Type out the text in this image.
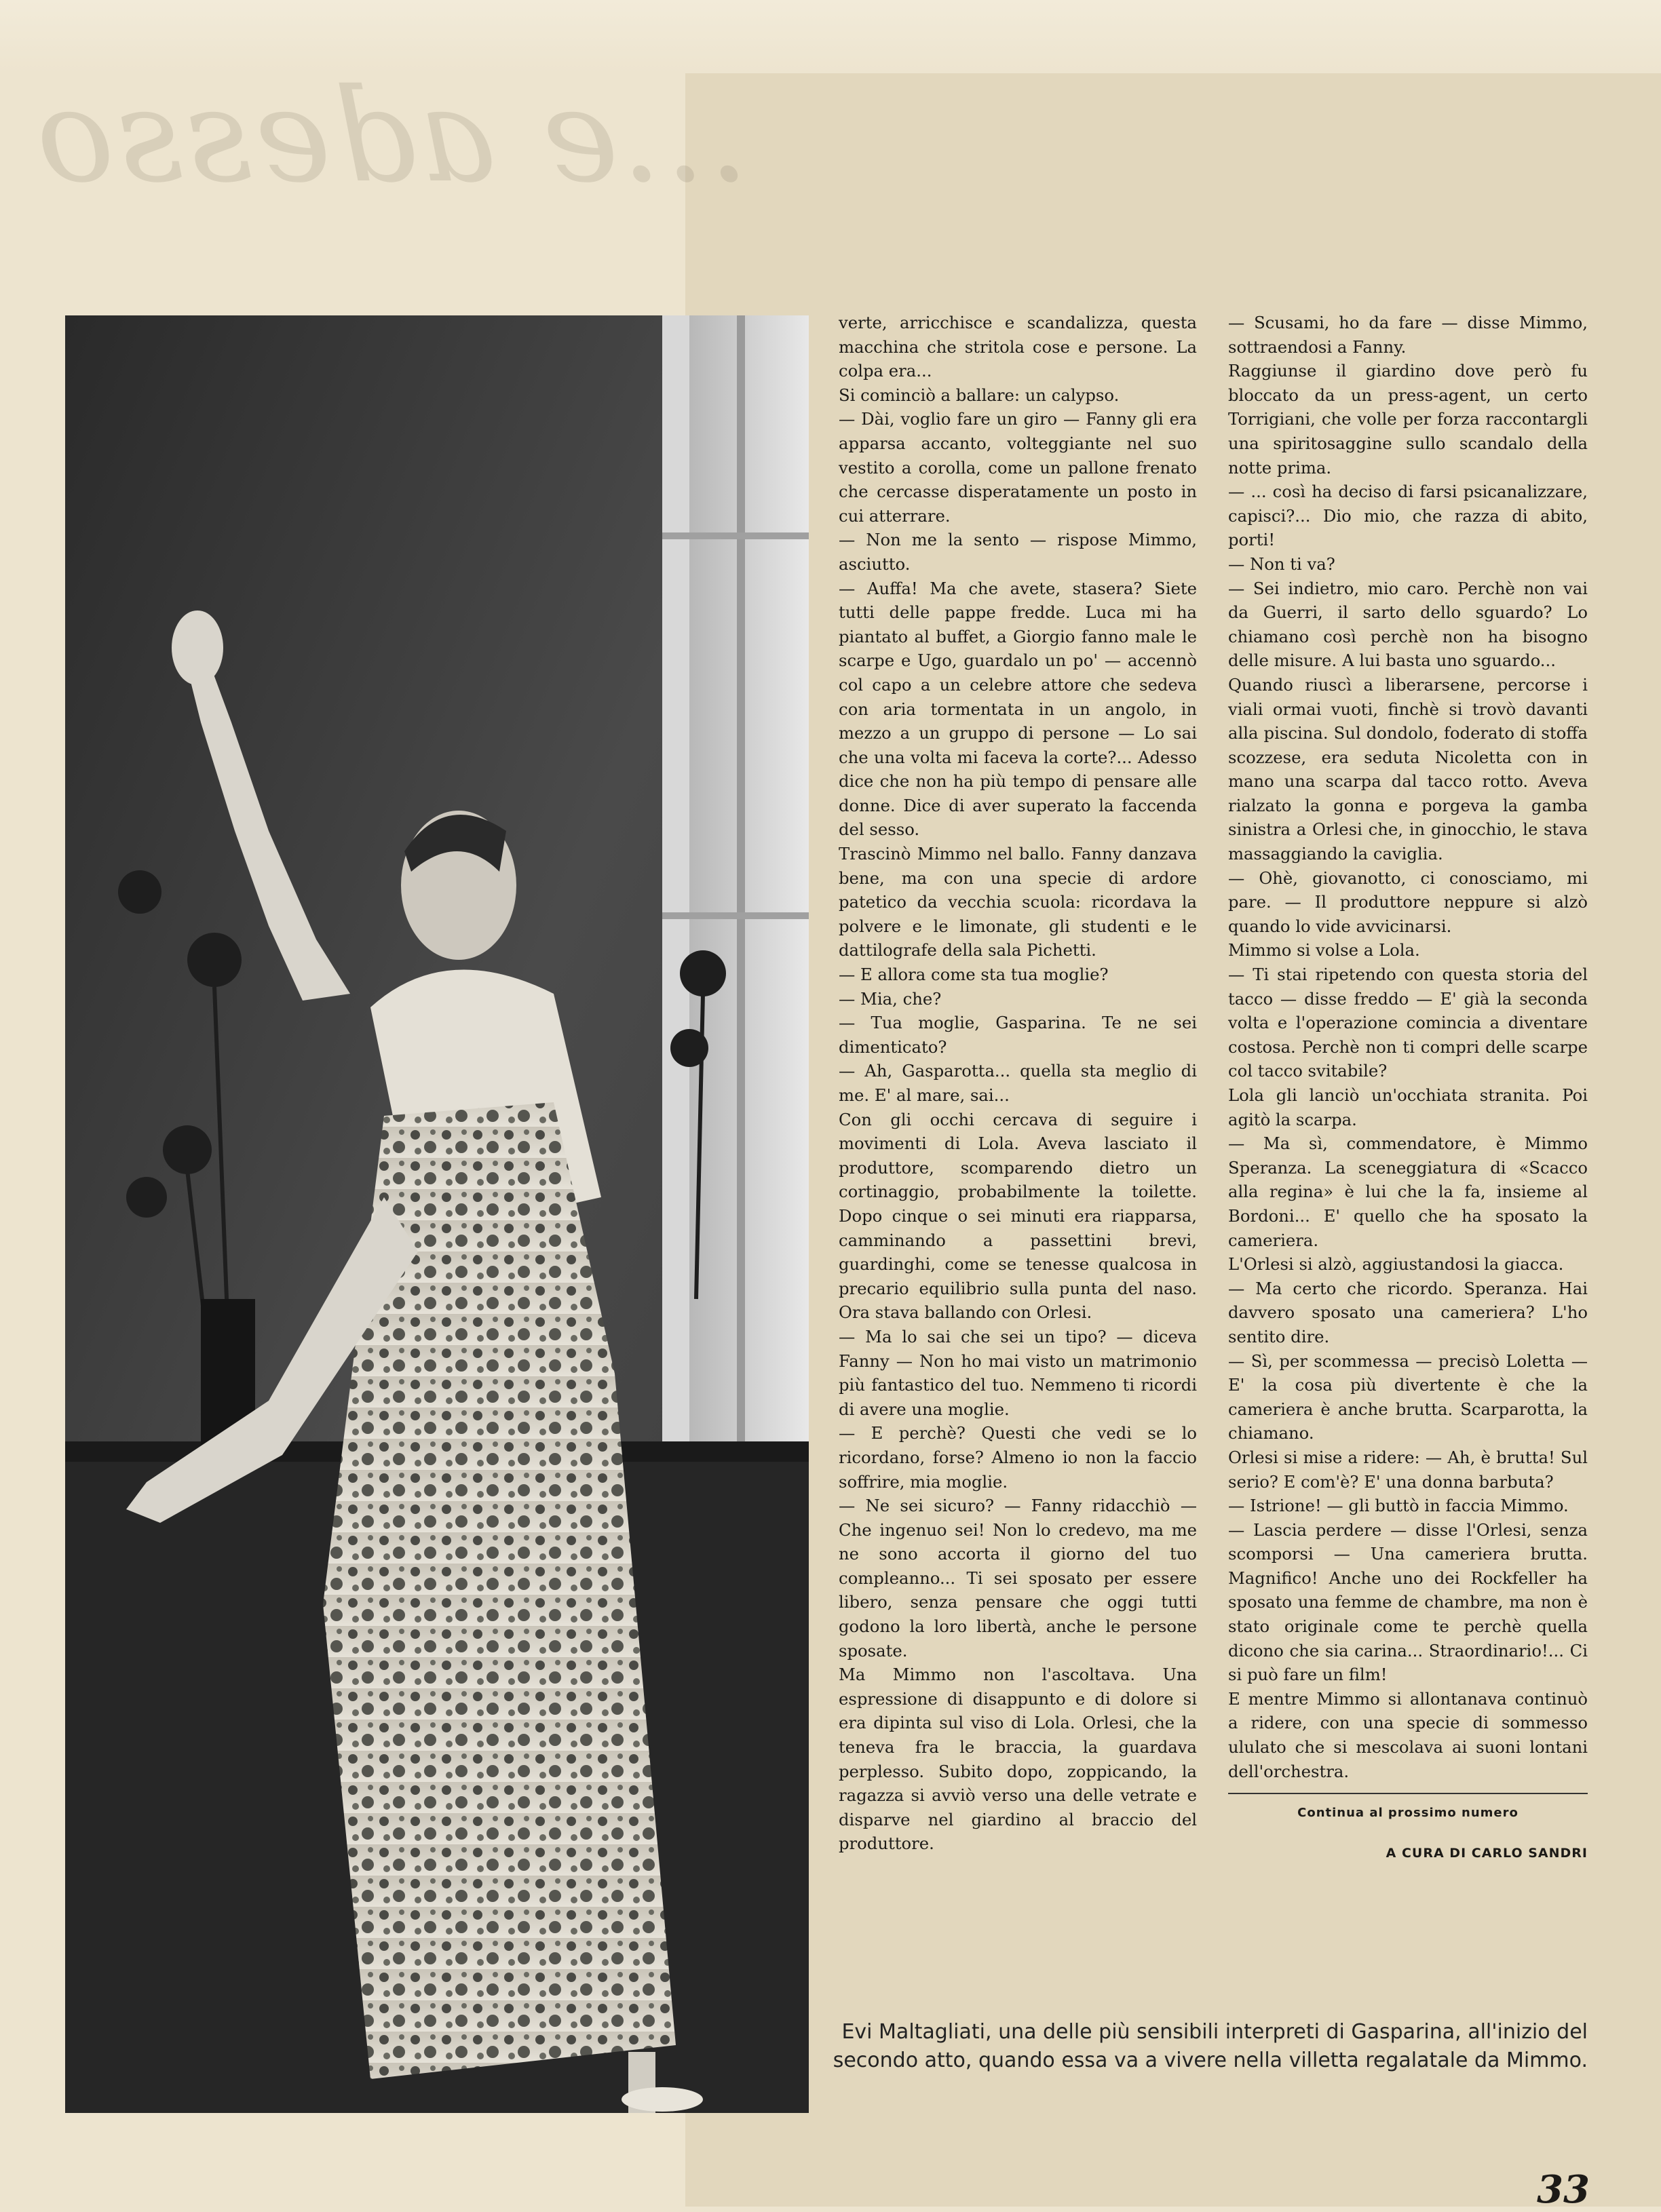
...e adesso

verte, arricchisce e scandalizza, questa macchina che stritola cose e persone. La colpa era...

Si cominciò a ballare: un calypso.

— Dài, voglio fare un giro — Fanny gli era apparsa accanto, volteggiante nel suo vestito a corolla, come un pallone frenato che cercasse disperatamente un posto in cui atterrare.

— Non me la sento — rispose Mimmo, asciutto.

— Auffa! Ma che avete, stasera? Siete tutti delle pappe fredde. Luca mi ha piantato al buffet, a Giorgio fanno male le scarpe e Ugo, guardalo un po' — accennò col capo a un celebre attore che sedeva con aria tormentata in un angolo, in mezzo a un gruppo di persone — Lo sai che una volta mi faceva la corte?... Adesso dice che non ha più tempo di pensare alle donne. Dice di aver superato la faccenda del sesso.

Trascinò Mimmo nel ballo. Fanny danzava bene, ma con una specie di ardore patetico da vecchia scuola: ricordava la polvere e le limonate, gli studenti e le dattilografe della sala Pichetti.

— E allora come sta tua moglie?

— Mia, che?

— Tua moglie, Gasparina. Te ne sei dimenticato?

— Ah, Gasparotta... quella sta meglio di me. E' al mare, sai...

Con gli occhi cercava di seguire i movimenti di Lola. Aveva lasciato il produttore, scomparendo dietro un cortinaggio, probabilmente la toilette. Dopo cinque o sei minuti era riapparsa, camminando a passettini brevi, guardinghi, come se tenesse qualcosa in precario equilibrio sulla punta del naso. Ora stava ballando con Orlesi.

— Ma lo sai che sei un tipo? — diceva Fanny — Non ho mai visto un matrimonio più fantastico del tuo. Nemmeno ti ricordi di avere una moglie.

— E perchè? Questi che vedi se lo ricordano, forse? Almeno io non la faccio soffrire, mia moglie.

— Ne sei sicuro? — Fanny ridacchiò — Che ingenuo sei! Non lo credevo, ma me ne sono accorta il giorno del tuo compleanno... Ti sei sposato per essere libero, senza pensare che oggi tutti godono la loro libertà, anche le persone sposate.

Ma Mimmo non l'ascoltava. Una espressione di disappunto e di dolore si era dipinta sul viso di Lola. Orlesi, che la teneva fra le braccia, la guardava perplesso. Subito dopo, zoppicando, la ragazza si avviò verso una delle vetrate e disparve nel giardino al braccio del produttore.

— Scusami, ho da fare — disse Mimmo, sottraendosi a Fanny.

Raggiunse il giardino dove però fu bloccato da un press-agent, un certo Torrigiani, che volle per forza raccontargli una spiritosaggine sullo scandalo della notte prima.

— ... così ha deciso di farsi psicanalizzare, capisci?... Dio mio, che razza di abito, porti!

— Non ti va?

— Sei indietro, mio caro. Perchè non vai da Guerri, il sarto dello sguardo? Lo chiamano così perchè non ha bisogno delle misure. A lui basta uno sguardo...

Quando riuscì a liberarsene, percorse i viali ormai vuoti, finchè si trovò davanti alla piscina. Sul dondolo, foderato di stoffa scozzese, era seduta Nicoletta con in mano una scarpa dal tacco rotto. Aveva rialzato la gonna e porgeva la gamba sinistra a Orlesi che, in ginocchio, le stava massaggiando la caviglia.

— Ohè, giovanotto, ci conosciamo, mi pare. — Il produttore neppure si alzò quando lo vide avvicinarsi.

Mimmo si volse a Lola.

— Ti stai ripetendo con questa storia del tacco — disse freddo — E' già la seconda volta e l'operazione comincia a diventare costosa. Perchè non ti compri delle scarpe col tacco svitabile?

Lola gli lanciò un'occhiata stranita. Poi agitò la scarpa.

— Ma sì, commendatore, è Mimmo Speranza. La sceneggiatura di «Scacco alla regina» è lui che la fa, insieme al Bordoni... E' quello che ha sposato la cameriera.

L'Orlesi si alzò, aggiustandosi la giacca.

— Ma certo che ricordo. Speranza. Hai davvero sposato una cameriera? L'ho sentito dire.

— Sì, per scommessa — precisò Loletta — E' la cosa più divertente è che la cameriera è anche brutta. Scarparotta, la chiamano.

Orlesi si mise a ridere: — Ah, è brutta! Sul serio? E com'è? E' una donna barbuta?

— Istrione! — gli buttò in faccia Mimmo.

— Lascia perdere — disse l'Orlesi, senza scomporsi — Una cameriera brutta. Magnifico! Anche uno dei Rockfeller ha sposato una femme de chambre, ma non è stato originale come te perchè quella dicono che sia carina... Straordinario!... Ci si può fare un film!

E mentre Mimmo si allontanava continuò a ridere, con una specie di sommesso ululato che si mescolava ai suoni lontani dell'orchestra.

Continua al prossimo numero
A CURA DI CARLO SANDRI
Evi Maltagliati, una delle più sensibili interpreti di Gasparina, all'inizio del secondo atto, quando essa va a vivere nella villetta regalatale da Mimmo.
33
